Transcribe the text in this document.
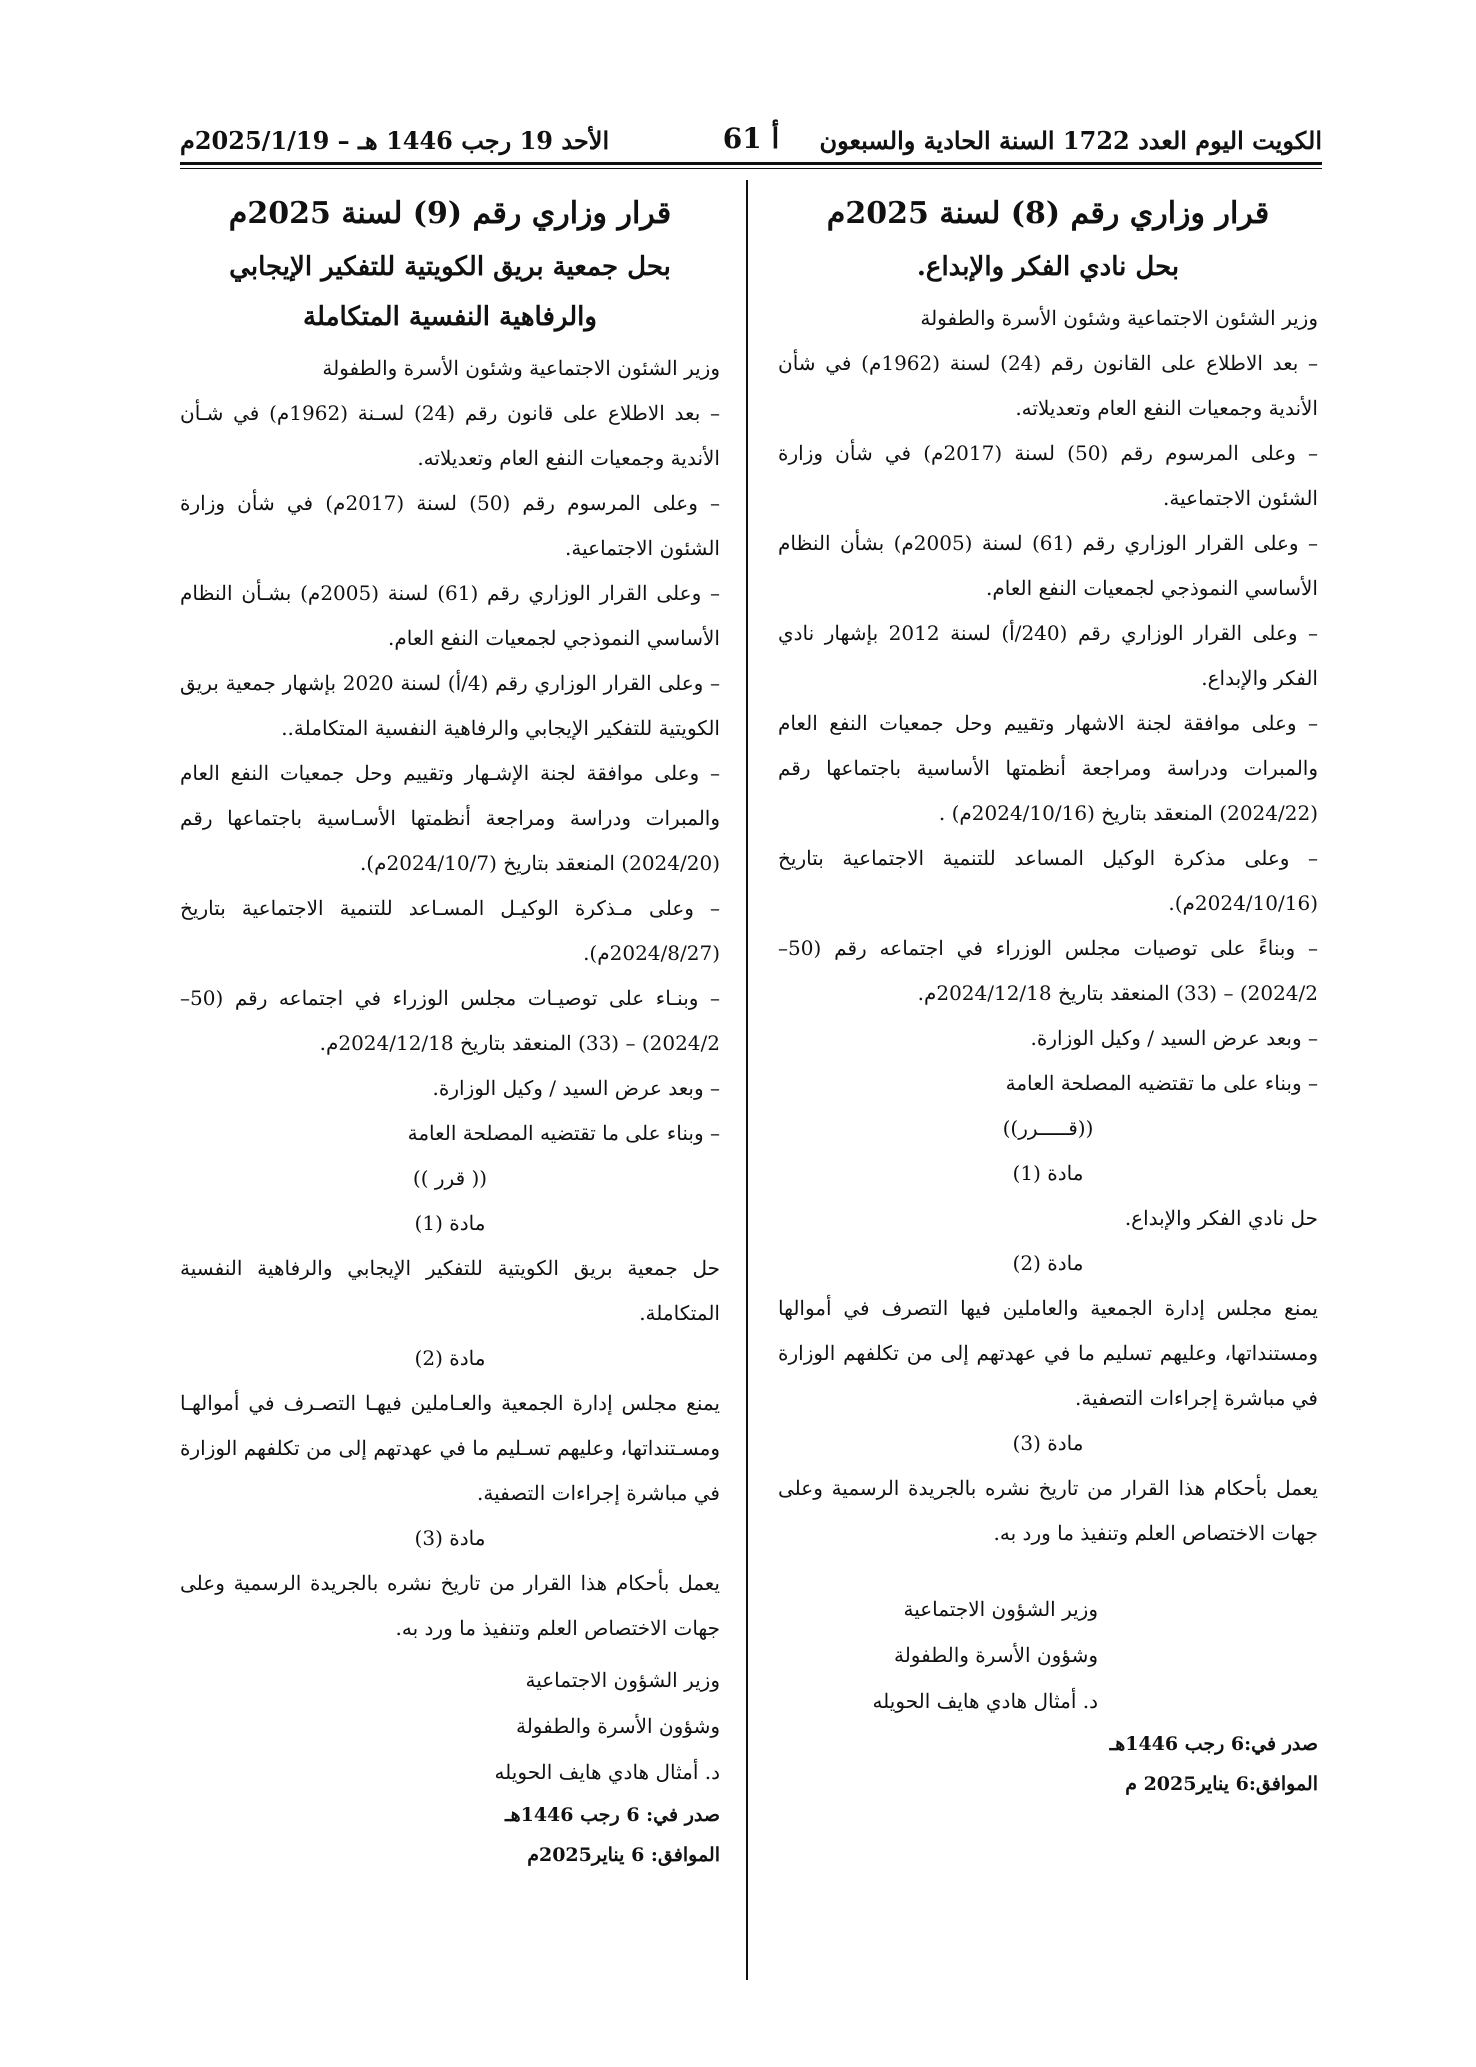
الكويت اليوم العدد 1722 السنة الحادية والسبعون
أ 61
الأحد 19 رجب 1446 هـ – 2025/1/19م
قرار وزاري رقم (8) لسنة 2025م
بحل نادي الفكر والإبداع.

وزير الشئون الاجتماعية وشئون الأسرة والطفولة

– بعد الاطلاع على القانون رقم (24) لسنة (1962م) في شأن الأندية وجمعيات النفع العام وتعديلاته.

– وعلى المرسوم رقم (50) لسنة (2017م) في شأن وزارة الشئون الاجتماعية.

– وعلى القرار الوزاري رقم (61) لسنة (2005م) بشأن النظام الأساسي النموذجي لجمعيات النفع العام.

– وعلى القرار الوزاري رقم (240/أ) لسنة 2012 بإشهار نادي الفكر والإبداع.

– وعلى موافقة لجنة الاشهار وتقييم وحل جمعيات النفع العام والمبرات ودراسة ومراجعة أنظمتها الأساسية باجتماعها رقم (2024/22) المنعقد بتاريخ (2024/10/16م) .

– وعلى مذكرة الوكيل المساعد للتنمية الاجتماعية بتاريخ (2024/10/16م).

– وبناءً على توصيات مجلس الوزراء في اجتماعه رقم (50–2024/2) – (33) المنعقد بتاريخ 2024/12/18م.

– وبعد عرض السيد / وكيل الوزارة.

– وبناء على ما تقتضيه المصلحة العامة

((قـــــرر))

مادة (1)

حل نادي الفكر والإبداع.

مادة (2)

يمنع مجلس إدارة الجمعية والعاملين فيها التصرف في أموالها ومستنداتها، وعليهم تسليم ما في عهدتهم إلى من تكلفهم الوزارة في مباشرة إجراءات التصفية.

مادة (3)

يعمل بأحكام هذا القرار من تاريخ نشره بالجريدة الرسمية وعلى جهات الاختصاص العلم وتنفيذ ما ورد به.

وزير الشؤون الاجتماعية
وشؤون الأسرة والطفولة
د. أمثال هادي هايف الحويله
صدر في:6 رجب 1446هـ
الموافق:6 يناير2025 م
قرار وزاري رقم (9) لسنة 2025م
بحل جمعية بريق الكويتية للتفكير الإيجابي والرفاهية النفسية المتكاملة

وزير الشئون الاجتماعية وشئون الأسرة والطفولة

– بعد الاطلاع على قانون رقم (24) لسـنة (1962م) في شـأن الأندية وجمعيات النفع العام وتعديلاته.

– وعلى المرسوم رقم (50) لسنة (2017م) في شأن وزارة الشئون الاجتماعية.

– وعلى القرار الوزاري رقم (61) لسنة (2005م) بشـأن النظام الأساسي النموذجي لجمعيات النفع العام.

– وعلى القرار الوزاري رقم (4/أ) لسنة 2020 بإشهار جمعية بريق الكويتية للتفكير الإيجابي والرفاهية النفسية المتكاملة..

– وعلى موافقة لجنة الإشـهار وتقييم وحل جمعيات النفع العام والمبرات ودراسة ومراجعة أنظمتها الأسـاسية باجتماعها رقم (2024/20) المنعقد بتاريخ (2024/10/7م).

– وعلى مـذكرة الوكيـل المسـاعد للتنمية الاجتماعية بتاريخ (2024/8/27م).

– وبنـاء على توصيـات مجلس الوزراء في اجتماعه رقم (50–2024/2) – (33) المنعقد بتاريخ 2024/12/18م.

– وبعد عرض السيد / وكيل الوزارة.

– وبناء على ما تقتضيه المصلحة العامة

(( قرر ))

مادة (1)

حل جمعية بريق الكويتية للتفكير الإيجابي والرفاهية النفسية المتكاملة.

مادة (2)

يمنع مجلس إدارة الجمعية والعـاملين فيهـا التصـرف في أموالهـا ومسـتنداتها، وعليهم تسـليم ما في عهدتهم إلى من تكلفهم الوزارة في مباشرة إجراءات التصفية.

مادة (3)

يعمل بأحكام هذا القرار من تاريخ نشره بالجريدة الرسمية وعلى جهات الاختصاص العلم وتنفيذ ما ورد به.

وزير الشؤون الاجتماعية
وشؤون الأسرة والطفولة
د. أمثال هادي هايف الحويله
صدر في: 6 رجب 1446هـ
الموافق: 6 يناير2025م
